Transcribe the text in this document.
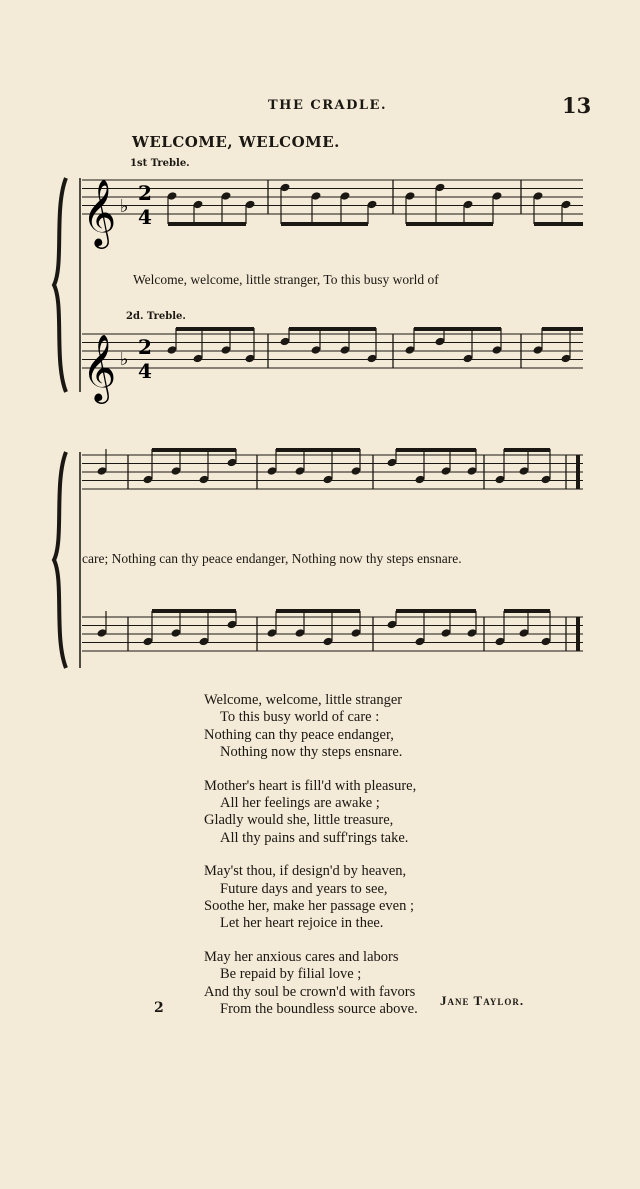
THE CRADLE.	13
WELCOME, WELCOME.
1st Treble.
2d. Treble.
𝄞
𝄞
♭
♭
2
4
2
4
Welcome, welcome, little stranger, To this busy world of
care; Nothing can thy peace endanger, Nothing now thy steps ensnare.
Welcome, welcome, little stranger
To this busy world of care :
Nothing can thy peace endanger,
Nothing now thy steps ensnare.
Mother's heart is fill'd with pleasure,
All her feelings are awake ;
Gladly would she, little treasure,
All thy pains and suff'rings take.
May'st thou, if design'd by heaven,
Future days and years to see,
Soothe her, make her passage even ;
Let her heart rejoice in thee.
May her anxious cares and labors
Be repaid by filial love ;
And thy soul be crown'd with favors
From the boundless source above.
Jane Taylor.
2
